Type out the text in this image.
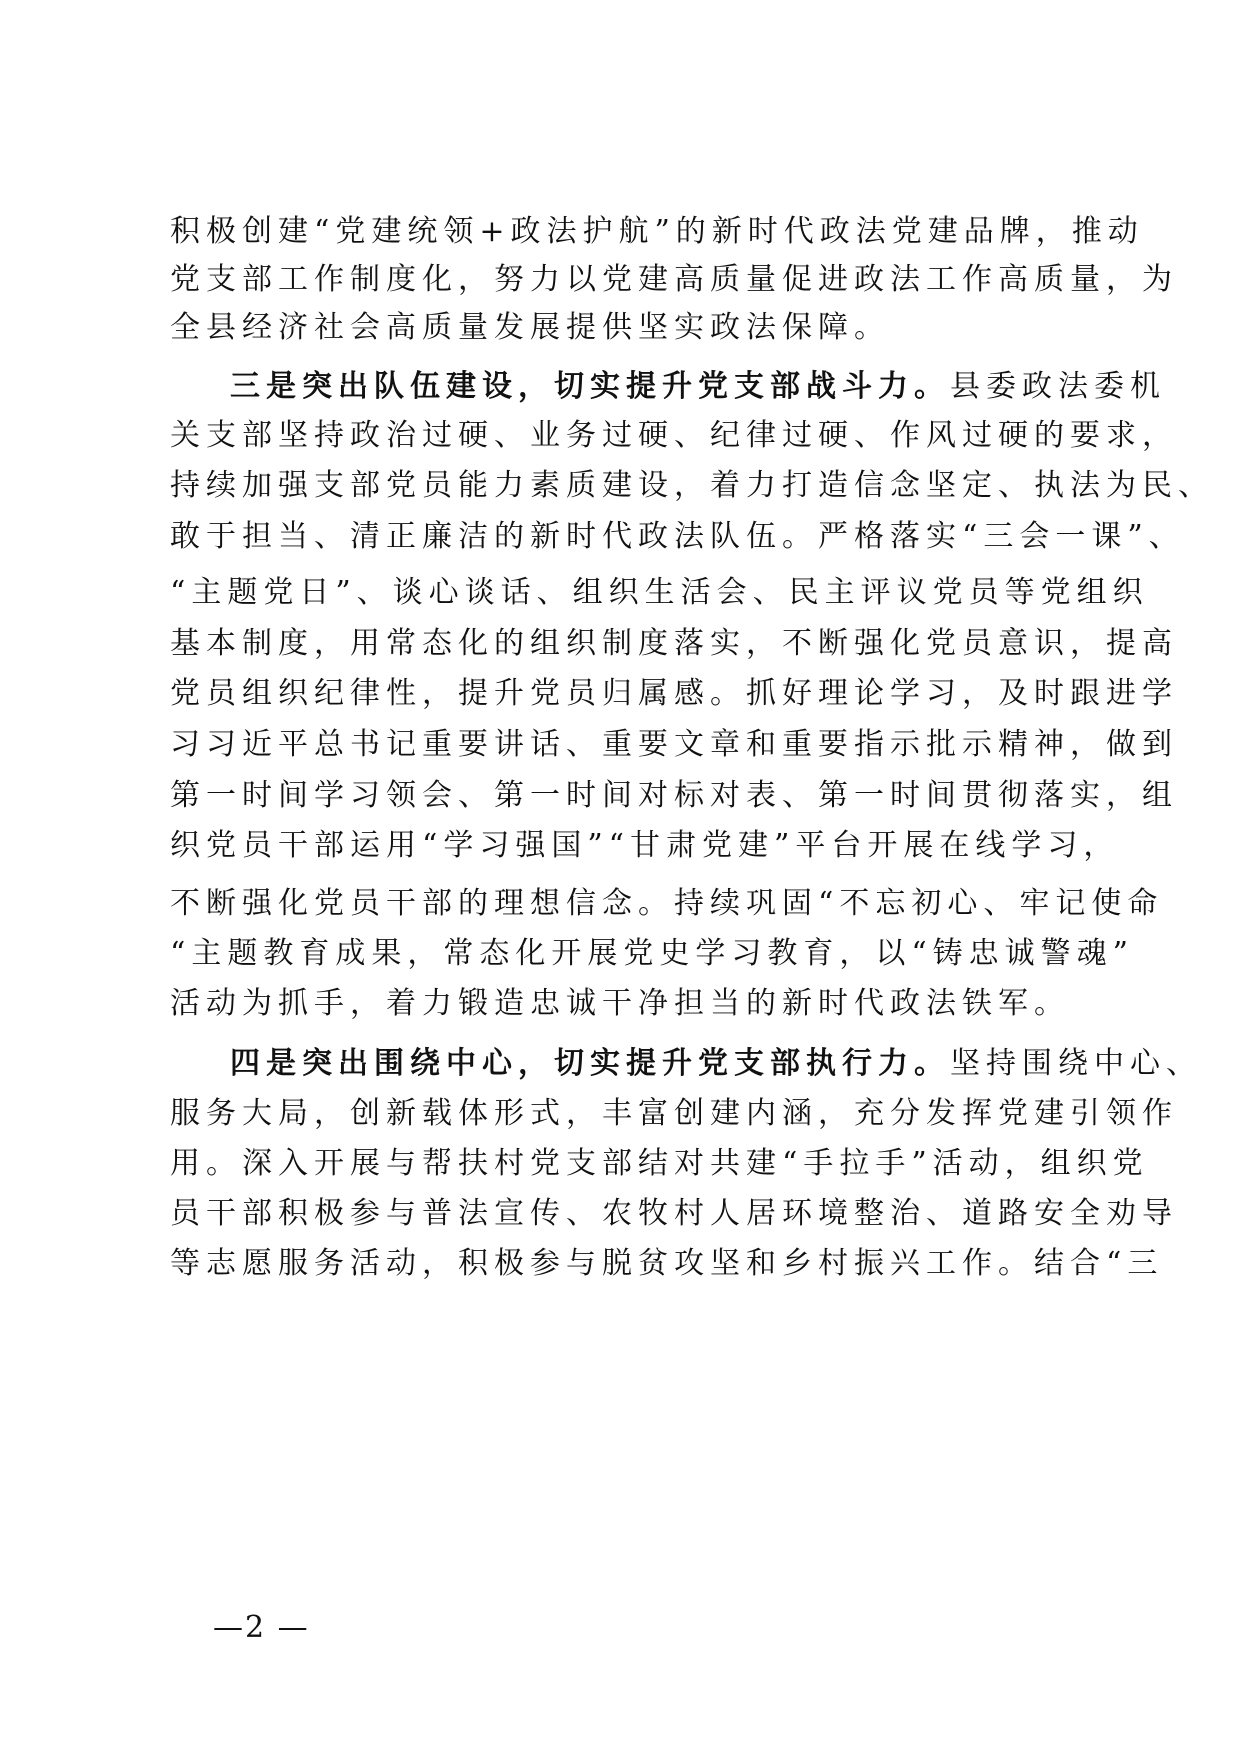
积极创建“党建统领+政法护航”的新时代政法党建品牌，推动
党支部工作制度化，努力以党建高质量促进政法工作高质量，为
全县经济社会高质量发展提供坚实政法保障。
三是突出队伍建设，切实提升党支部战斗力。县委政法委机
关支部坚持政治过硬、业务过硬、纪律过硬、作风过硬的要求，
持续加强支部党员能力素质建设，着力打造信念坚定、执法为民、
敢于担当、清正廉洁的新时代政法队伍。严格落实“三会一课”、
“主题党日”、谈心谈话、组织生活会、民主评议党员等党组织
基本制度，用常态化的组织制度落实，不断强化党员意识，提高
党员组织纪律性，提升党员归属感。抓好理论学习，及时跟进学
习习近平总书记重要讲话、重要文章和重要指示批示精神，做到
第一时间学习领会、第一时间对标对表、第一时间贯彻落实，组
织党员干部运用“学习强国”“甘肃党建”平台开展在线学习，
不断强化党员干部的理想信念。持续巩固“不忘初心、牢记使命
“主题教育成果，常态化开展党史学习教育，以“铸忠诚警魂”
活动为抓手，着力锻造忠诚干净担当的新时代政法铁军。
四是突出围绕中心，切实提升党支部执行力。坚持围绕中心、
服务大局，创新载体形式，丰富创建内涵，充分发挥党建引领作
用。深入开展与帮扶村党支部结对共建“手拉手”活动，组织党
员干部积极参与普法宣传、农牧村人居环境整治、道路安全劝导
等志愿服务活动，积极参与脱贫攻坚和乡村振兴工作。结合“三
—2 —
